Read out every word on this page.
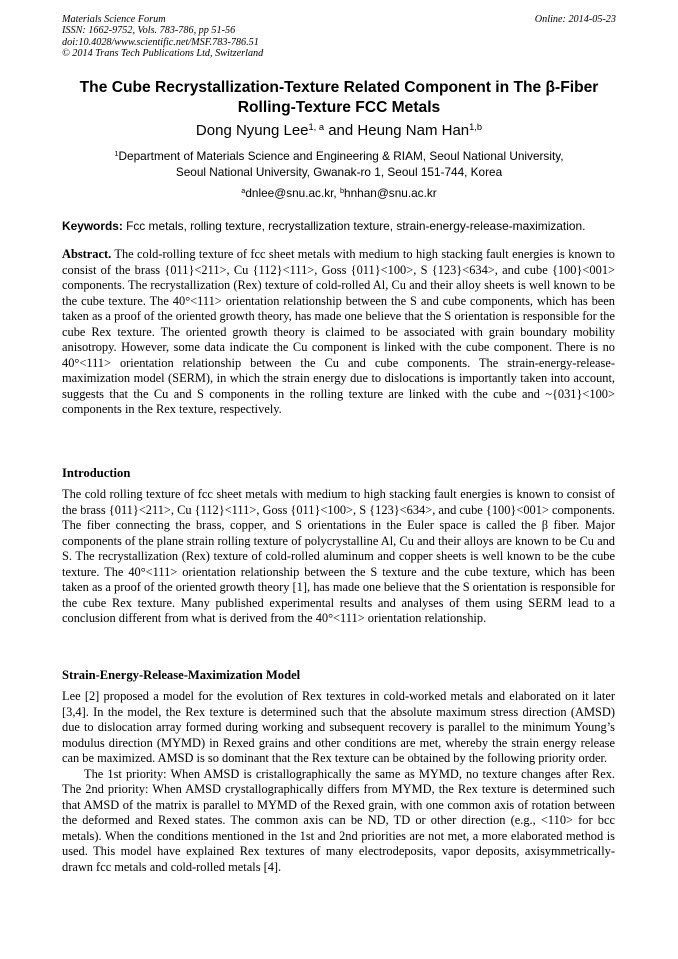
Materials Science Forum
ISSN: 1662-9752, Vols. 783-786, pp 51-56
doi:10.4028/www.scientific.net/MSF.783-786.51
© 2014 Trans Tech Publications Ltd, Switzerland
Online: 2014-05-23
The Cube Recrystallization-Texture Related Component in The β-Fiber
Rolling-Texture FCC Metals
Dong Nyung Lee$^{1, a}$ and Heung Nam Han$^{1,b}$
$^1$Department of Materials Science and Engineering & RIAM, Seoul National University,
Seoul National University, Gwanak-ro 1, Seoul 151-744, Korea
$^a$dnlee@snu.ac.kr, $^b$hnhan@snu.ac.kr
Keywords: Fcc metals, rolling texture, recrystallization texture, strain-energy-release-maximization.

Abstract. The cold-rolling texture of fcc sheet metals with medium to high stacking fault energies is known to consist of the brass {011}<211>, Cu {112}<111>, Goss {011}<100>, S {123}<634>, and cube {100}<001> components. The recrystallization (Rex) texture of cold-rolled Al, Cu and their alloy sheets is well known to be the cube texture. The 40°<111> orientation relationship between the S and cube components, which has been taken as a proof of the oriented growth theory, has made one believe that the S orientation is responsible for the cube Rex texture. The oriented growth theory is claimed to be associated with grain boundary mobility anisotropy. However, some data indicate the Cu component is linked with the cube component. There is no 40°<111> orientation relationship between the Cu and cube components. The strain-energy-release-maximization model (SERM), in which the strain energy due to dislocations is importantly taken into account, suggests that the Cu and S components in the rolling texture are linked with the cube and ~{031}<100> components in the Rex texture, respectively.

Introduction

The cold rolling texture of fcc sheet metals with medium to high stacking fault energies is known to consist of the brass {011}<211>, Cu {112}<111>, Goss {011}<100>, S {123}<634>, and cube {100}<001> components. The fiber connecting the brass, copper, and S orientations in the Euler space is called the β fiber. Major components of the plane strain rolling texture of polycrystalline Al, Cu and their alloys are known to be Cu and S. The recrystallization (Rex) texture of cold-rolled aluminum and copper sheets is well known to be the cube texture. The 40°<111> orientation relationship between the S texture and the cube texture, which has been taken as a proof of the oriented growth theory [1], has made one believe that the S orientation is responsible for the cube Rex texture. Many published experimental results and analyses of them using SERM lead to a conclusion different from what is derived from the 40°<111> orientation relationship.

Strain-Energy-Release-Maximization Model

Lee [2] proposed a model for the evolution of Rex textures in cold-worked metals and elaborated on it later [3,4]. In the model, the Rex texture is determined such that the absolute maximum stress direction (AMSD) due to dislocation array formed during working and subsequent recovery is parallel to the minimum Young’s modulus direction (MYMD) in Rexed grains and other conditions are met, whereby the strain energy release can be maximized. AMSD is so dominant that the Rex texture can be obtained by the following priority order.

The 1st priority: When AMSD is cristallographically the same as MYMD, no texture changes after Rex. The 2nd priority: When AMSD crystallographically differs from MYMD, the Rex texture is determined such that AMSD of the matrix is parallel to MYMD of the Rexed grain, with one common axis of rotation between the deformed and Rexed states. The common axis can be ND, TD or other direction (e.g., <110> for bcc metals). When the conditions mentioned in the 1st and 2nd priorities are not met, a more elaborated method is used. This model have explained Rex textures of many electrodeposits, vapor deposits, axisymmetrically-drawn fcc metals and cold-rolled metals [4].
